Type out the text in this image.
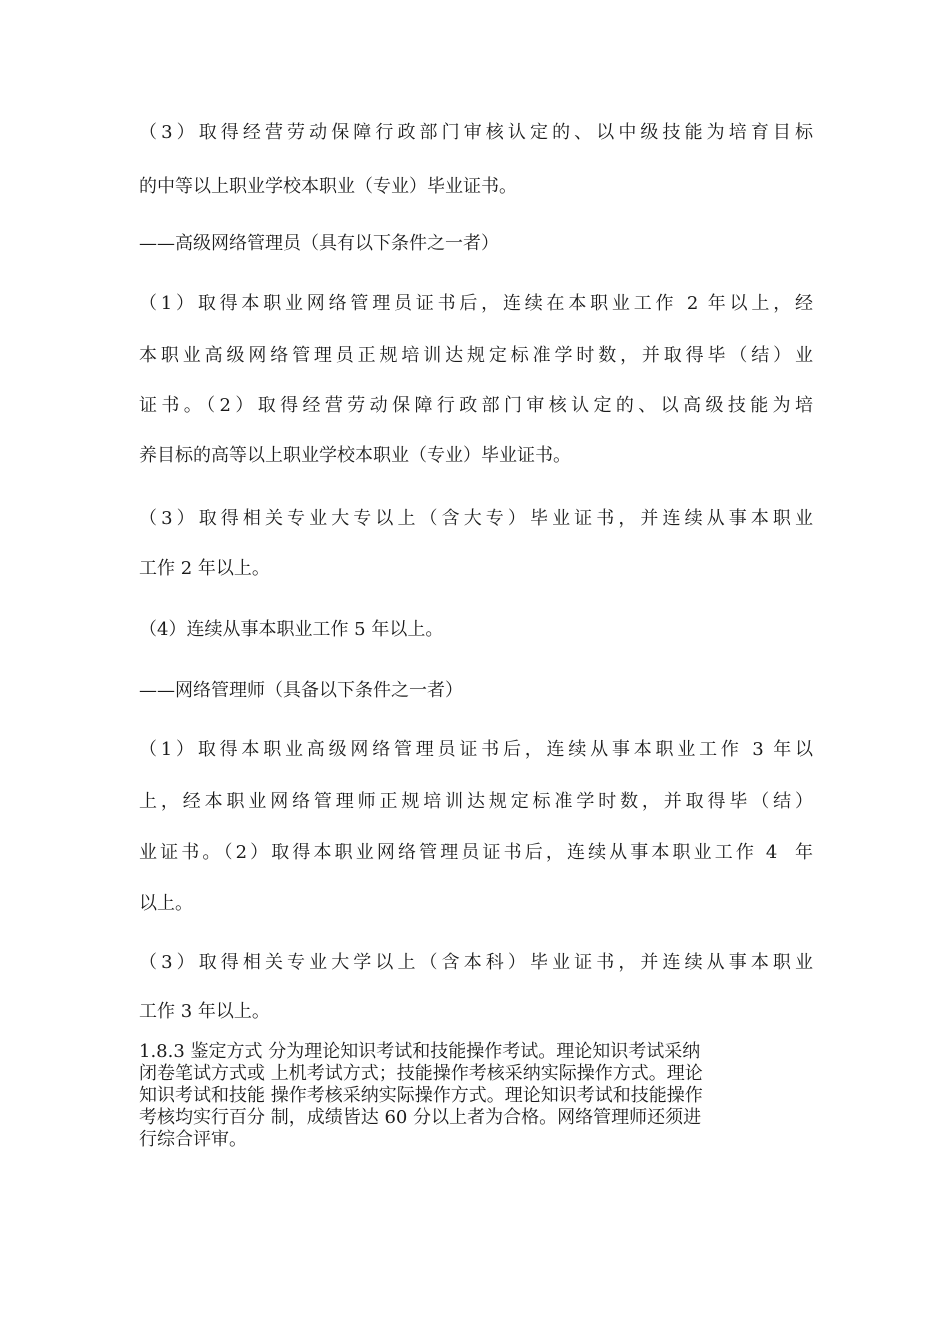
（3）取得经营劳动保障行政部门审核认定的、以中级技能为培育目标

的中等以上职业学校本职业（专业）毕业证书。

——高级网络管理员（具有以下条件之一者）

（1）取得本职业网络管理员证书后，连续在本职业工作 2 年以上，经

本职业高级网络管理员正规培训达规定标准学时数，并取得毕（结）业

证书。（2）取得经营劳动保障行政部门审核认定的、以高级技能为培

养目标的高等以上职业学校本职业（专业）毕业证书。

（3）取得相关专业大专以上（含大专）毕业证书，并连续从事本职业

工作 2 年以上。

（4）连续从事本职业工作 5 年以上。

——网络管理师（具备以下条件之一者）

（1）取得本职业高级网络管理员证书后，连续从事本职业工作 3 年以

上，经本职业网络管理师正规培训达规定标准学时数，并取得毕（结）

业证书。（2）取得本职业网络管理员证书后，连续从事本职业工作 4  年

以上。

（3）取得相关专业大学以上（含本科）毕业证书，并连续从事本职业

工作 3 年以上。

1.8.3 鉴定方式 分为理论知识考试和技能操作考试。理论知识考试采纳
闭卷笔试方式或 上机考试方式；技能操作考核采纳实际操作方式。理论
知识考试和技能 操作考核采纳实际操作方式。理论知识考试和技能操作
考核均实行百分 制，成绩皆达 60 分以上者为合格。网络管理师还须进
行综合评审。
